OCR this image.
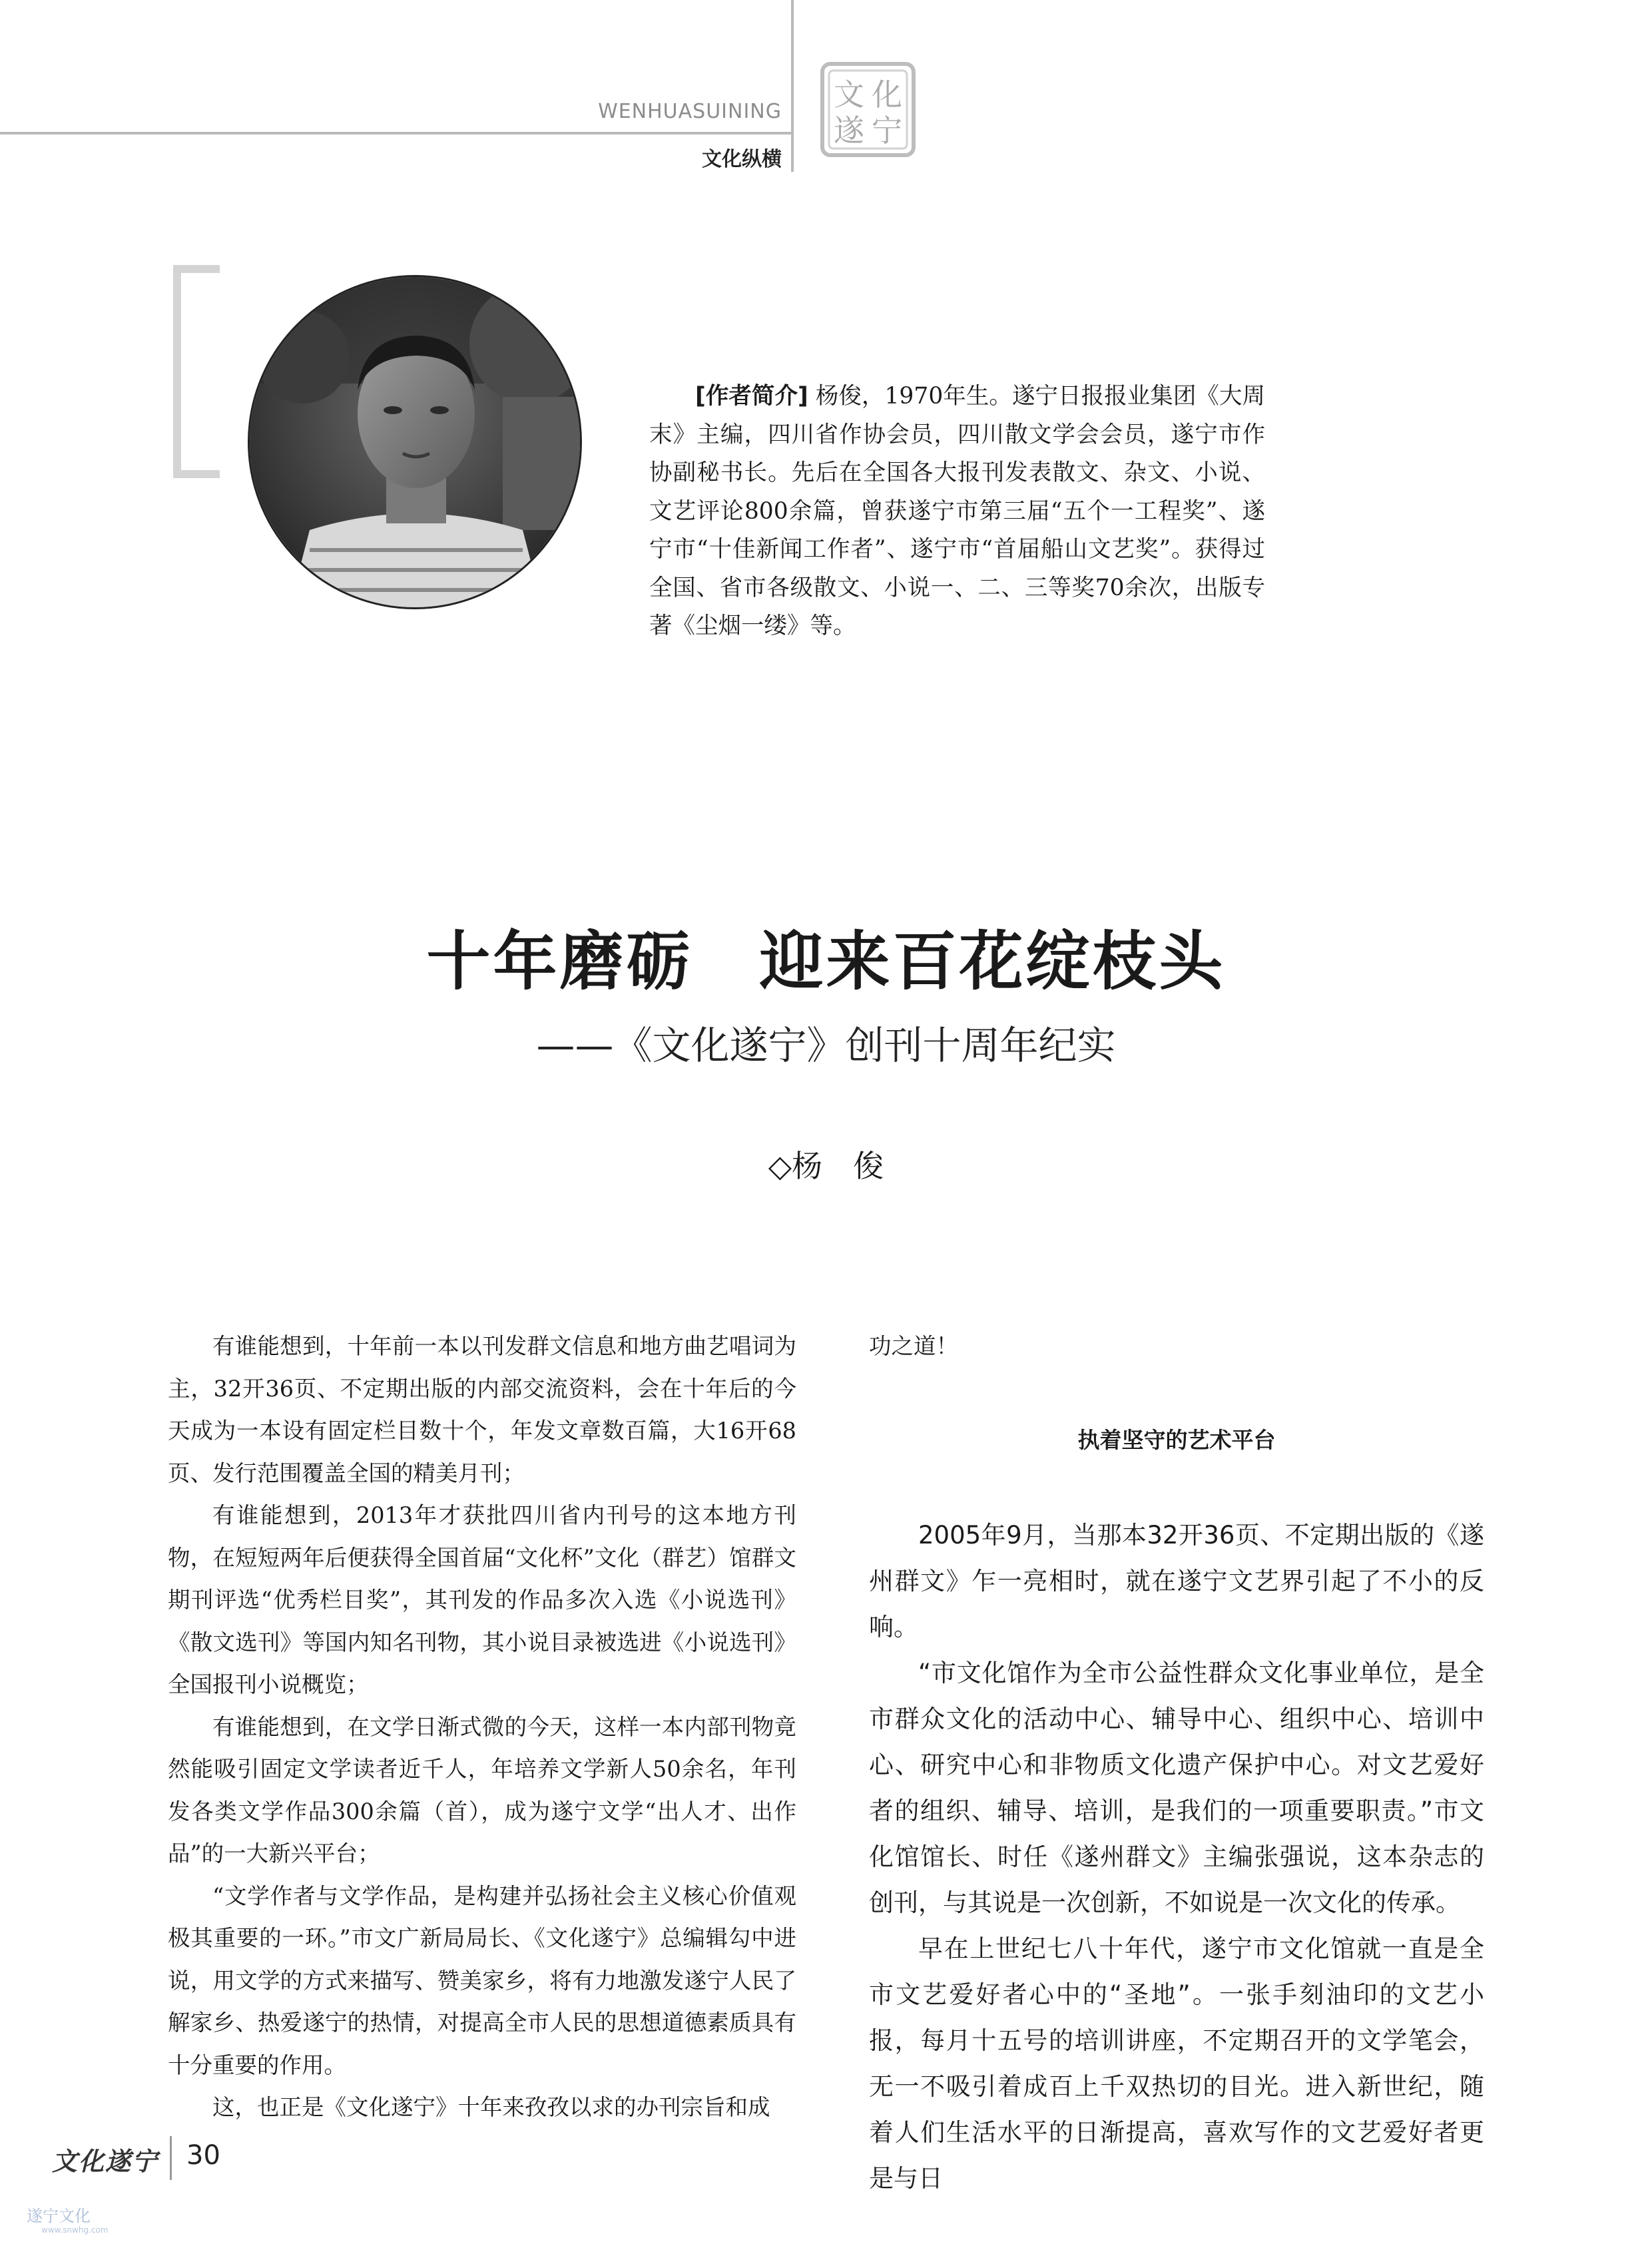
WENHUASUINING
文化纵横
文 化
遂 宁
[作者简介] 杨俊，1970年生。遂宁日报报业集团《大周末》主编，四川省作协会员，四川散文学会会员，遂宁市作协副秘书长。先后在全国各大报刊发表散文、杂文、小说、文艺评论800余篇，曾获遂宁市第三届“五个一工程奖”、遂宁市“十佳新闻工作者”、遂宁市“首届船山文艺奖”。获得过全国、省市各级散文、小说一、二、三等奖70余次，出版专著《尘烟一缕》等。
十年磨砺　迎来百花绽枝头
——《文化遂宁》创刊十周年纪实
◇杨　俊

有谁能想到，十年前一本以刊发群文信息和地方曲艺唱词为主，32开36页、不定期出版的内部交流资料，会在十年后的今天成为一本设有固定栏目数十个，年发文章数百篇，大16开68页、发行范围覆盖全国的精美月刊；

有谁能想到，2013年才获批四川省内刊号的这本地方刊物，在短短两年后便获得全国首届“文化杯”文化（群艺）馆群文期刊评选“优秀栏目奖”，其刊发的作品多次入选《小说选刊》《散文选刊》等国内知名刊物，其小说目录被选进《小说选刊》全国报刊小说概览；

有谁能想到，在文学日渐式微的今天，这样一本内部刊物竟然能吸引固定文学读者近千人，年培养文学新人50余名，年刊发各类文学作品300余篇（首），成为遂宁文学“出人才、出作品”的一大新兴平台；

“文学作者与文学作品，是构建并弘扬社会主义核心价值观极其重要的一环。”市文广新局局长、《文化遂宁》总编辑勾中进说，用文学的方式来描写、赞美家乡，将有力地激发遂宁人民了解家乡、热爱遂宁的热情，对提高全市人民的思想道德素质具有十分重要的作用。

这，也正是《文化遂宁》十年来孜孜以求的办刊宗旨和成

功之道！

执着坚守的艺术平台

2005年9月，当那本32开36页、不定期出版的《遂州群文》乍一亮相时，就在遂宁文艺界引起了不小的反响。

“市文化馆作为全市公益性群众文化事业单位，是全市群众文化的活动中心、辅导中心、组织中心、培训中心、研究中心和非物质文化遗产保护中心。对文艺爱好者的组织、辅导、培训，是我们的一项重要职责。”市文化馆馆长、时任《遂州群文》主编张强说，这本杂志的创刊，与其说是一次创新，不如说是一次文化的传承。

早在上世纪七八十年代，遂宁市文化馆就一直是全市文艺爱好者心中的“圣地”。一张手刻油印的文艺小报，每月十五号的培训讲座，不定期召开的文学笔会，无一不吸引着成百上千双热切的目光。进入新世纪，随着人们生活水平的日渐提高，喜欢写作的文艺爱好者更是与日

文化遂宁 30
遂宁文化
www.snwhg.com
